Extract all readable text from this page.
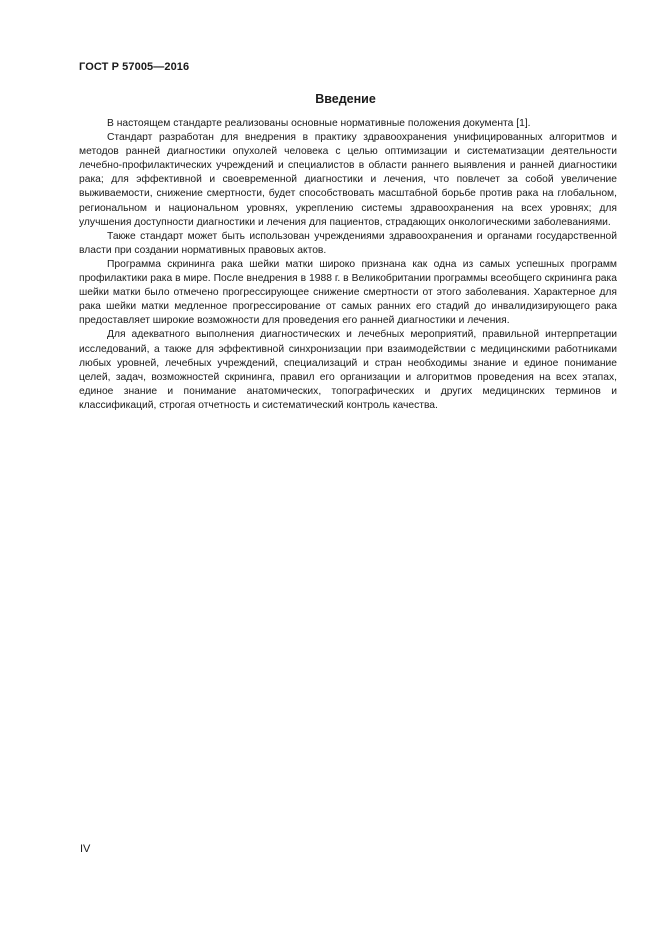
ГОСТ Р 57005—2016
Введение

В настоящем стандарте реализованы основные нормативные положения документа [1].

Стандарт разработан для внедрения в практику здравоохранения унифицированных алгоритмов и методов ранней диагностики опухолей человека с целью оптимизации и систематизации деятельности лечебно-профилактических учреждений и специалистов в области раннего выявления и ранней диагностики рака; для эффективной и своевременной диагностики и лечения, что повлечет за собой увеличение выживаемости, снижение смертности, будет способствовать масштабной борьбе против рака на глобальном, региональном и национальном уровнях, укреплению системы здравоохранения на всех уровнях; для улучшения доступности диагностики и лечения для пациентов, страдающих онкологическими заболеваниями.

Также стандарт может быть использован учреждениями здравоохранения и органами государственной власти при создании нормативных правовых актов.

Программа скрининга рака шейки матки широко признана как одна из самых успешных программ профилактики рака в мире. После внедрения в 1988 г. в Великобритании программы всеобщего скрининга рака шейки матки было отмечено прогрессирующее снижение смертности от этого заболевания. Характерное для рака шейки матки медленное прогрессирование от самых ранних его стадий до инвалидизирующего рака предоставляет широкие возможности для проведения его ранней диагностики и лечения.

Для адекватного выполнения диагностических и лечебных мероприятий, правильной интерпретации исследований, а также для эффективной синхронизации при взаимодействии с медицинскими работниками любых уровней, лечебных учреждений, специализаций и стран необходимы знание и единое понимание целей, задач, возможностей скрининга, правил его организации и алгоритмов проведения на всех этапах, единое знание и понимание анатомических, топографических и других медицинских терминов и классификаций, строгая отчетность и систематический контроль качества.

IV
